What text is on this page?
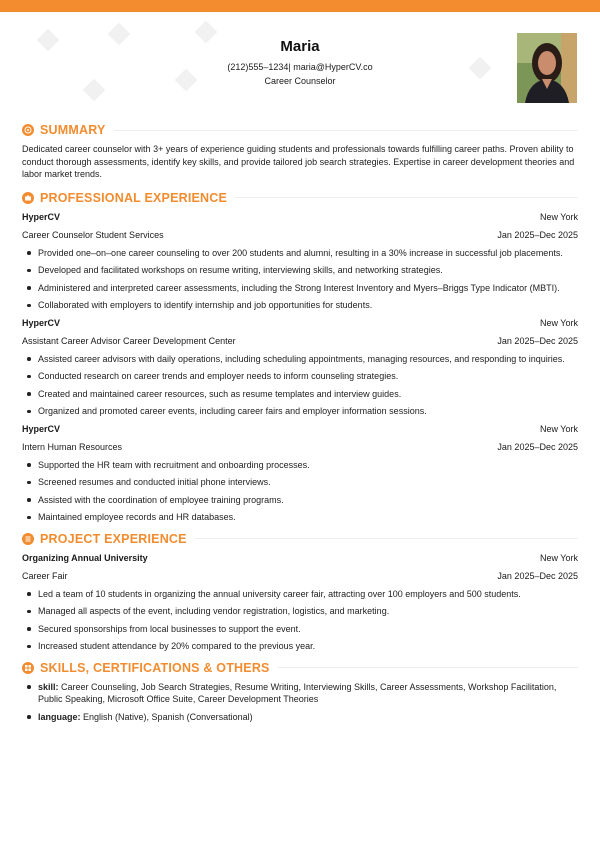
Maria
(212)555–1234| maria@HyperCV.co
Career Counselor
SUMMARY

Dedicated career counselor with 3+ years of experience guiding students and professionals towards fulfilling career paths. Proven ability to conduct thorough assessments, identify key skills, and provide tailored job search strategies. Expertise in career development theories and labor market trends.

PROFESSIONAL EXPERIENCE
HyperCV	New York
Career Counselor Student Services	Jan 2025–Dec 2025
Provided one–on–one career counseling to over 200 students and alumni, resulting in a 30% increase in successful job placements.
Developed and facilitated workshops on resume writing, interviewing skills, and networking strategies.
Administered and interpreted career assessments, including the Strong Interest Inventory and Myers–Briggs Type Indicator (MBTI).
Collaborated with employers to identify internship and job opportunities for students.
HyperCV	New York
Assistant Career Advisor Career Development Center	Jan 2025–Dec 2025
Assisted career advisors with daily operations, including scheduling appointments, managing resources, and responding to inquiries.
Conducted research on career trends and employer needs to inform counseling strategies.
Created and maintained career resources, such as resume templates and interview guides.
Organized and promoted career events, including career fairs and employer information sessions.
HyperCV	New York
Intern Human Resources	Jan 2025–Dec 2025
Supported the HR team with recruitment and onboarding processes.
Screened resumes and conducted initial phone interviews.
Assisted with the coordination of employee training programs.
Maintained employee records and HR databases.
PROJECT EXPERIENCE
Organizing Annual University	New York
Career Fair	Jan 2025–Dec 2025
Led a team of 10 students in organizing the annual university career fair, attracting over 100 employers and 500 students.
Managed all aspects of the event, including vendor registration, logistics, and marketing.
Secured sponsorships from local businesses to support the event.
Increased student attendance by 20% compared to the previous year.
SKILLS, CERTIFICATIONS & OTHERS
skill: Career Counseling, Job Search Strategies, Resume Writing, Interviewing Skills, Career Assessments, Workshop Facilitation, Public Speaking, Microsoft Office Suite, Career Development Theories
language: English (Native), Spanish (Conversational)
